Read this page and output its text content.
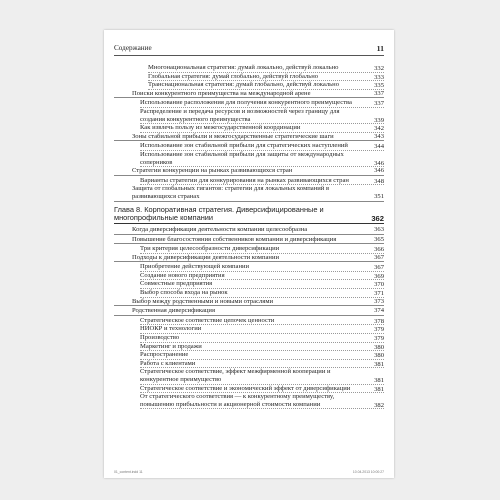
Содержание	11
Многонациональная стратегия: думай локально, действуй локально	332
Глобальная стратегия: думай глобально, действуй глобально	333
Транснациональная стратегия: думай глобально, действуй локально	335
Поиски конкурентного преимущества на международной арене	337
Использование расположения для получения конкурентного преимущества	337
Распределение и передача ресурсов и возможностей через границу для создания конкурентного преимущества	339
Как извлечь пользу из межгосударственной координации	342
Зоны стабильной прибыли и межгосударственные стратегические шаги	343
Использование зон стабильной прибыли для стратегических наступлений	344
Использование зон стабильной прибыли для защиты от международных соперников	346
Стратегии конкуренции на рынках развивающихся стран	346
Варианты стратегии для конкурирования на рынках развивающихся стран	348
Защита от глобальных гигантов: стратегии для локальных компаний в развивающихся странах	351
Глава 8. Корпоративная стратегия. Диверсифицированные и многопрофильные компании	362
Когда диверсификация деятельности компании целесообразна	363
Повышение благосостояния собственников компании и диверсификация	365
Три критерия целесообразности диверсификации	366
Подходы к диверсификации деятельности компании	367
Приобретение действующей компании	367
Создание нового предприятия	369
Совместные предприятия	370
Выбор способа входа на рынок	371
Выбор между родственными и новыми отраслями	373
Родственная диверсификация	374
Стратегическое соответствие цепочек ценности	378
НИОКР и технологии	379
Производство	379
Маркетинг и продажи	380
Распространение	380
Работа с клиентами	381
Стратегическое соответствие, эффект межфирменной кооперации и конкурентное преимущество	381
Стратегическое соответствие и экономический эффект от диверсификации	381
От стратегического соответствия — к конкурентному преимуществу, повышению прибыльности и акционерной стоимости компании	382
01_content.indd 11	10.04.2013 10:00:27
